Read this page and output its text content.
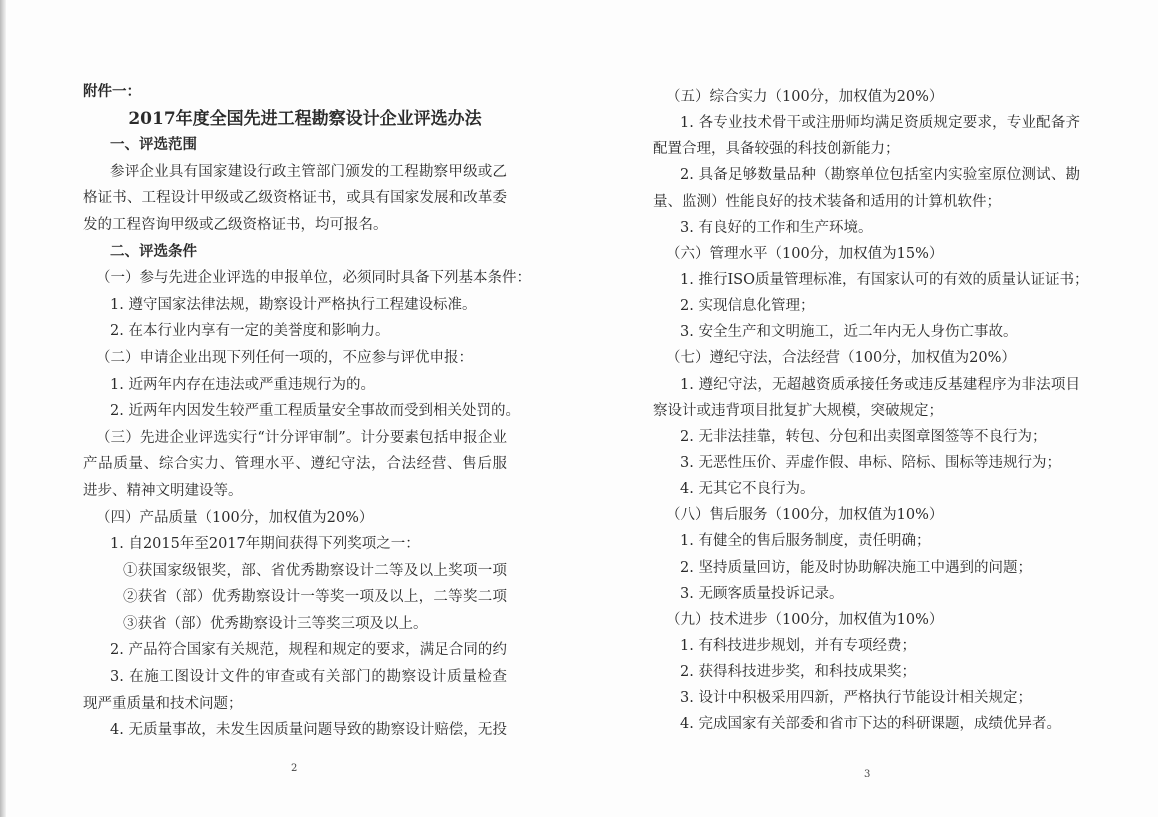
附件一：
2017年度全国先进工程勘察设计企业评选办法
一、评选范围
参评企业具有国家建设行政主管部门颁发的工程勘察甲级或乙
格证书、工程设计甲级或乙级资格证书，或具有国家发展和改革委
发的工程咨询甲级或乙级资格证书，均可报名。
二、评选条件
（一）参与先进企业评选的申报单位，必须同时具备下列基本条件：
1. 遵守国家法律法规，勘察设计严格执行工程建设标准。
2. 在本行业内享有一定的美誉度和影响力。
（二）申请企业出现下列任何一项的，不应参与评优申报：
1. 近两年内存在违法或严重违规行为的。
2. 近两年内因发生较严重工程质量安全事故而受到相关处罚的。
（三）先进企业评选实行“计分评审制”。计分要素包括申报企业
产品质量、综合实力、管理水平、遵纪守法，合法经营、售后服
进步、精神文明建设等。
（四）产品质量（100分，加权值为20%）
1. 自2015年至2017年期间获得下列奖项之一：
①获国家级银奖，部、省优秀勘察设计二等及以上奖项一项
②获省（部）优秀勘察设计一等奖一项及以上，二等奖二项
③获省（部）优秀勘察设计三等奖三项及以上。
2. 产品符合国家有关规范，规程和规定的要求，满足合同的约
3. 在施工图设计文件的审查或有关部门的勘察设计质量检查
现严重质量和技术问题；
4. 无质量事故，未发生因质量问题导致的勘察设计赔偿，无投
2
（五）综合实力（100分，加权值为20%）
1. 各专业技术骨干或注册师均满足资质规定要求，专业配备齐
配置合理，具备较强的科技创新能力；
2. 具备足够数量品种（勘察单位包括室内实验室原位测试、勘
量、监测）性能良好的技术装备和适用的计算机软件；
3. 有良好的工作和生产环境。
（六）管理水平（100分，加权值为15%）
1. 推行ISO质量管理标准，有国家认可的有效的质量认证证书；
2. 实现信息化管理；
3. 安全生产和文明施工，近二年内无人身伤亡事故。
（七）遵纪守法，合法经营（100分，加权值为20%）
1. 遵纪守法，无超越资质承接任务或违反基建程序为非法项目
察设计或违背项目批复扩大规模，突破规定；
2. 无非法挂靠，转包、分包和出卖图章图签等不良行为；
3. 无恶性压价、弄虚作假、串标、陪标、围标等违规行为；
4. 无其它不良行为。
（八）售后服务（100分，加权值为10%）
1. 有健全的售后服务制度，责任明确；
2. 坚持质量回访，能及时协助解决施工中遇到的问题；
3. 无顾客质量投诉记录。
（九）技术进步（100分，加权值为10%）
1. 有科技进步规划，并有专项经费；
2. 获得科技进步奖，和科技成果奖；
3. 设计中积极采用四新，严格执行节能设计相关规定；
4. 完成国家有关部委和省市下达的科研课题，成绩优异者。
3
